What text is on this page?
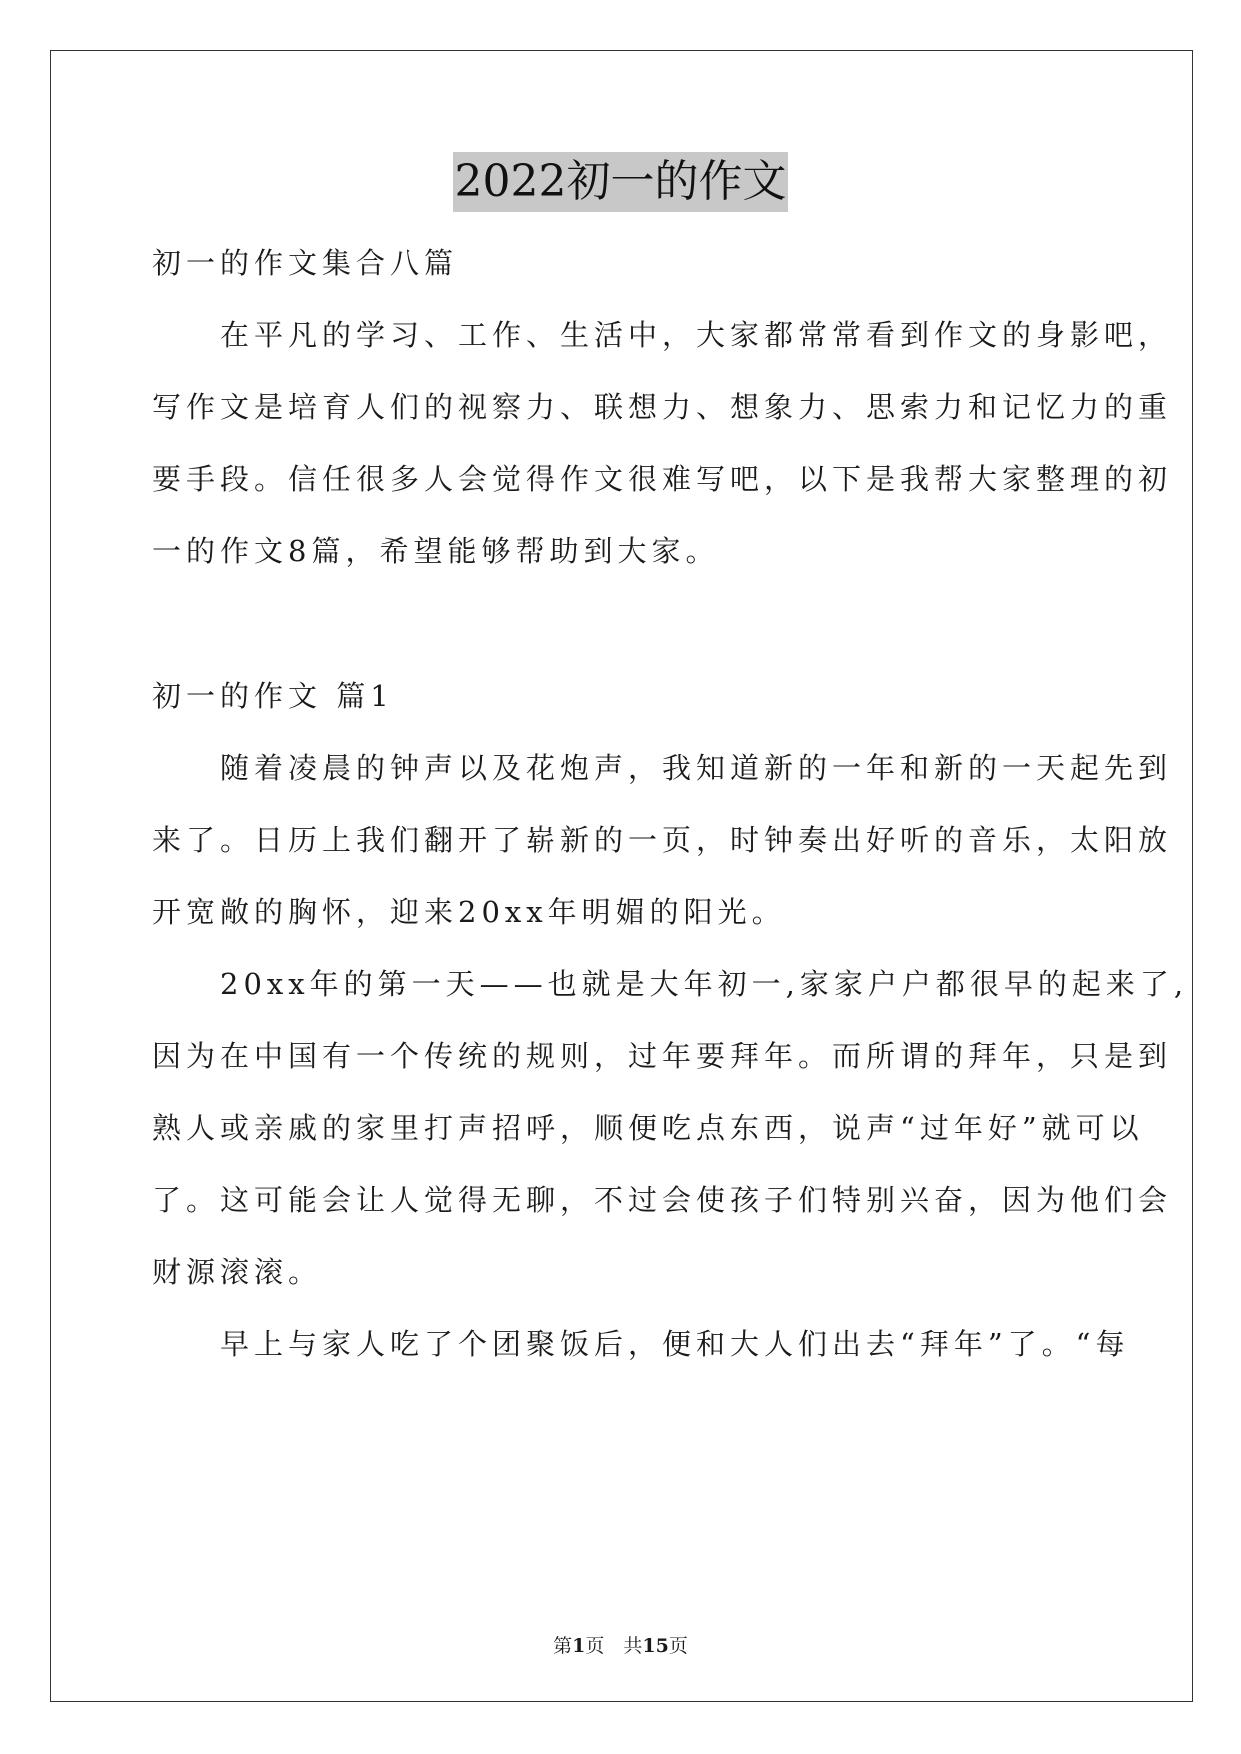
2022初一的作文
初一的作文集合八篇
　　在平凡的学习、工作、生活中，大家都常常看到作文的身影吧，
写作文是培育人们的视察力、联想力、想象力、思索力和记忆力的重
要手段。信任很多人会觉得作文很难写吧，以下是我帮大家整理的初
一的作文8篇，希望能够帮助到大家。
初一的作文 篇1
　　随着凌晨的钟声以及花炮声，我知道新的一年和新的一天起先到
来了。日历上我们翻开了崭新的一页，时钟奏出好听的音乐，太阳放
开宽敞的胸怀，迎来20xx年明媚的阳光。
　　20xx年的第一天——也就是大年初一,家家户户都很早的起来了,
因为在中国有一个传统的规则，过年要拜年。而所谓的拜年，只是到
熟人或亲戚的家里打声招呼，顺便吃点东西，说声“过年好”就可以
了。这可能会让人觉得无聊，不过会使孩子们特别兴奋，因为他们会
财源滚滚。
　　早上与家人吃了个团聚饭后，便和大人们出去“拜年”了。“每
第1页　共15页
